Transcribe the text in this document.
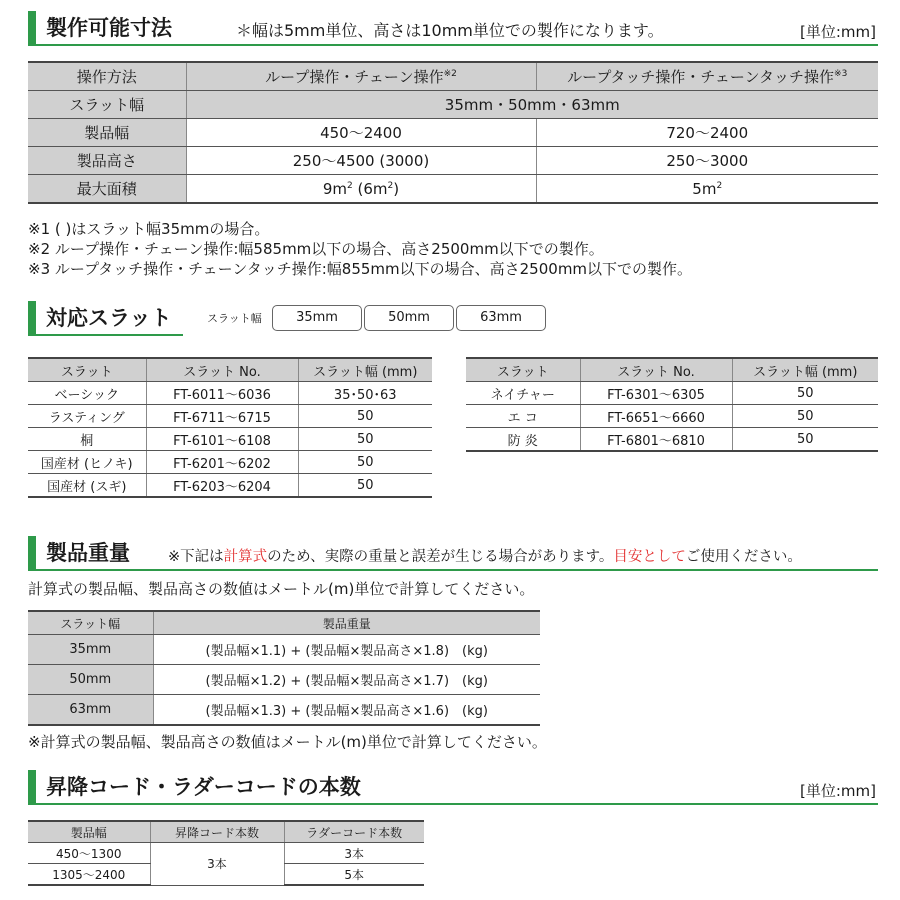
製作可能寸法	＊幅は5mm単位、高さは10mm単位での製作になります。	[単位:mm]
操作方法	ループ操作・チェーン操作$^{※2}$	ループタッチ操作・チェーンタッチ操作$^{※3}$
スラット幅	35mm・50mm・63mm	
製品幅	450～2400	720～2400
製品高さ	250～4500 (3000)	250～3000
最大面積	$9m^2$ $(6m^2)$	$5m^2$
※1 ( )はスラット幅35mmの場合。
※2 ループ操作・チェーン操作:幅585mm以下の場合、高さ2500mm以下での製作。
※3 ループタッチ操作・チェーンタッチ操作:幅855mm以下の場合、高さ2500mm以下での製作。
対応スラット	スラット幅	35mm	50mm	63mm
スラット	スラット No.	スラット幅 (mm)
ベーシック	FT-6011～6036	35･50･63
ラスティング	FT-6711～6715	50
桐	FT-6101～6108	50
国産材 (ヒノキ)	FT-6201～6202	50
国産材 (スギ)	FT-6203～6204	50
スラット	スラット No.	スラット幅 (mm)
ネイチャー	FT-6301～6305	50
エ コ	FT-6651～6660	50
防 炎	FT-6801～6810	50
製品重量	※下記は計算式のため、実際の重量と誤差が生じる場合があります。目安としてご使用ください。
計算式の製品幅、製品高さの数値はメートル(m)単位で計算してください。
スラット幅	製品重量
35mm	(製品幅×1.1) + (製品幅×製品高さ×1.8)　(kg)
50mm	(製品幅×1.2) + (製品幅×製品高さ×1.7)　(kg)
63mm	(製品幅×1.3) + (製品幅×製品高さ×1.6)　(kg)
※計算式の製品幅、製品高さの数値はメートル(m)単位で計算してください。
昇降コード・ラダーコードの本数	[単位:mm]
製品幅	昇降コード本数	ラダーコード本数
450～1300	3本	3本
1305～2400		5本
